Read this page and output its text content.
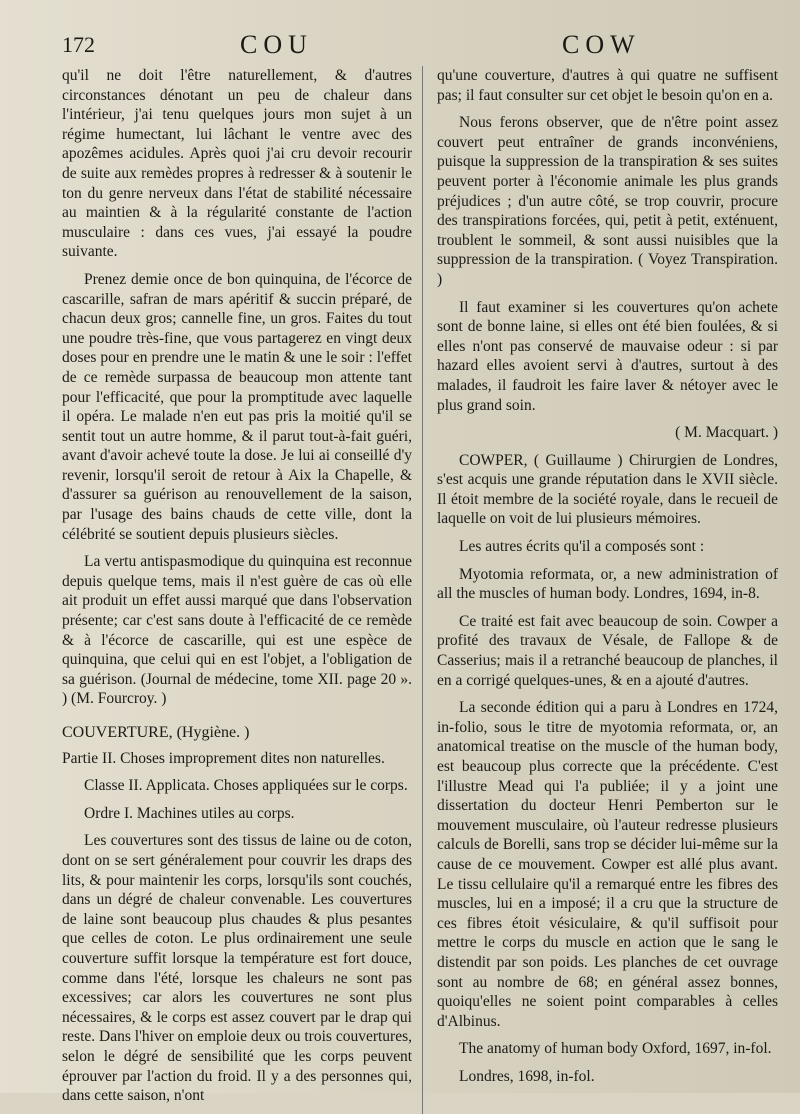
172	COU	COW

qu'il ne doit l'être naturellement, & d'autres circonstances dénotant un peu de chaleur dans l'intérieur, j'ai tenu quelques jours mon sujet à un régime humectant, lui lâchant le ventre avec des apozêmes acidules. Après quoi j'ai cru devoir recourir de suite aux remèdes propres à redresser & à soutenir le ton du genre nerveux dans l'état de stabilité nécessaire au maintien & à la régularité constante de l'action musculaire : dans ces vues, j'ai essayé la poudre suivante.

Prenez demie once de bon quinquina, de l'écorce de cascarille, safran de mars apéritif & succin préparé, de chacun deux gros; cannelle fine, un gros. Faites du tout une poudre très-fine, que vous partagerez en vingt deux doses pour en prendre une le matin & une le soir : l'effet de ce remède surpassa de beaucoup mon attente tant pour l'efficacité, que pour la promptitude avec laquelle il opéra. Le malade n'en eut pas pris la moitié qu'il se sentit tout un autre homme, & il parut tout-à-fait guéri, avant d'avoir achevé toute la dose. Je lui ai conseillé d'y revenir, lorsqu'il seroit de retour à Aix la Chapelle, & d'assurer sa guérison au renouvellement de la saison, par l'usage des bains chauds de cette ville, dont la célébrité se soutient depuis plusieurs siècles.

La vertu antispasmodique du quinquina est reconnue depuis quelque tems, mais il n'est guère de cas où elle ait produit un effet aussi marqué que dans l'observation présente; car c'est sans doute à l'efficacité de ce remède & à l'écorce de cascarille, qui est une espèce de quinquina, que celui qui en est l'objet, a l'obligation de sa guérison. (Journal de médecine, tome XII. page 20 ». ) (M. Fourcroy. )

COUVERTURE, (Hygiène. )

Partie II. Choses improprement dites non naturelles.

Classe II. Applicata. Choses appliquées sur le corps.

Ordre I. Machines utiles au corps.

Les couvertures sont des tissus de laine ou de coton, dont on se sert généralement pour couvrir les draps des lits, & pour maintenir les corps, lorsqu'ils sont couchés, dans un dégré de chaleur convenable. Les couvertures de laine sont beaucoup plus chaudes & plus pesantes que celles de coton. Le plus ordinairement une seule couverture suffit lorsque la température est fort douce, comme dans l'été, lorsque les chaleurs ne sont pas excessives; car alors les couvertures ne sont plus nécessaires, & le corps est assez couvert par le drap qui reste. Dans l'hiver on emploie deux ou trois couvertures, selon le dégré de sensibilité que les corps peuvent éprouver par l'action du froid. Il y a des personnes qui, dans cette saison, n'ont

qu'une couverture, d'autres à qui quatre ne suffisent pas; il faut consulter sur cet objet le besoin qu'on en a.

Nous ferons observer, que de n'être point assez couvert peut entraîner de grands inconvéniens, puisque la suppression de la transpiration & ses suites peuvent porter à l'économie animale les plus grands préjudices ; d'un autre côté, se trop couvrir, procure des transpirations forcées, qui, petit à petit, exténuent, troublent le sommeil, & sont aussi nuisibles que la suppression de la transpiration. ( Voyez Transpiration. )

Il faut examiner si les couvertures qu'on achete sont de bonne laine, si elles ont été bien foulées, & si elles n'ont pas conservé de mauvaise odeur : si par hazard elles avoient servi à d'autres, surtout à des malades, il faudroit les faire laver & nétoyer avec le plus grand soin.

( M. Macquart. )

COWPER, ( Guillaume ) Chirurgien de Londres, s'est acquis une grande réputation dans le XVII siècle. Il étoit membre de la société royale, dans le recueil de laquelle on voit de lui plusieurs mémoires.

Les autres écrits qu'il a composés sont :

Myotomia reformata, or, a new administration of all the muscles of human body. Londres, 1694, in-8.

Ce traité est fait avec beaucoup de soin. Cowper a profité des travaux de Vésale, de Fallope & de Casserius; mais il a retranché beaucoup de planches, il en a corrigé quelques-unes, & en a ajouté d'autres.

La seconde édition qui a paru à Londres en 1724, in-folio, sous le titre de myotomia reformata, or, an anatomical treatise on the muscle of the human body, est beaucoup plus correcte que la précédente. C'est l'illustre Mead qui l'a publiée; il y a joint une dissertation du docteur Henri Pemberton sur le mouvement musculaire, où l'auteur redresse plusieurs calculs de Borelli, sans trop se décider lui-même sur la cause de ce mouvement. Cowper est allé plus avant. Le tissu cellulaire qu'il a remarqué entre les fibres des muscles, lui en a imposé; il a cru que la structure de ces fibres étoit vésiculaire, & qu'il suffisoit pour mettre le corps du muscle en action que le sang le distendit par son poids. Les planches de cet ouvrage sont au nombre de 68; en général assez bonnes, quoiqu'elles ne soient point comparables à celles d'Albinus.

The anatomy of human body Oxford, 1697, in-fol.

Londres, 1698, in-fol.
